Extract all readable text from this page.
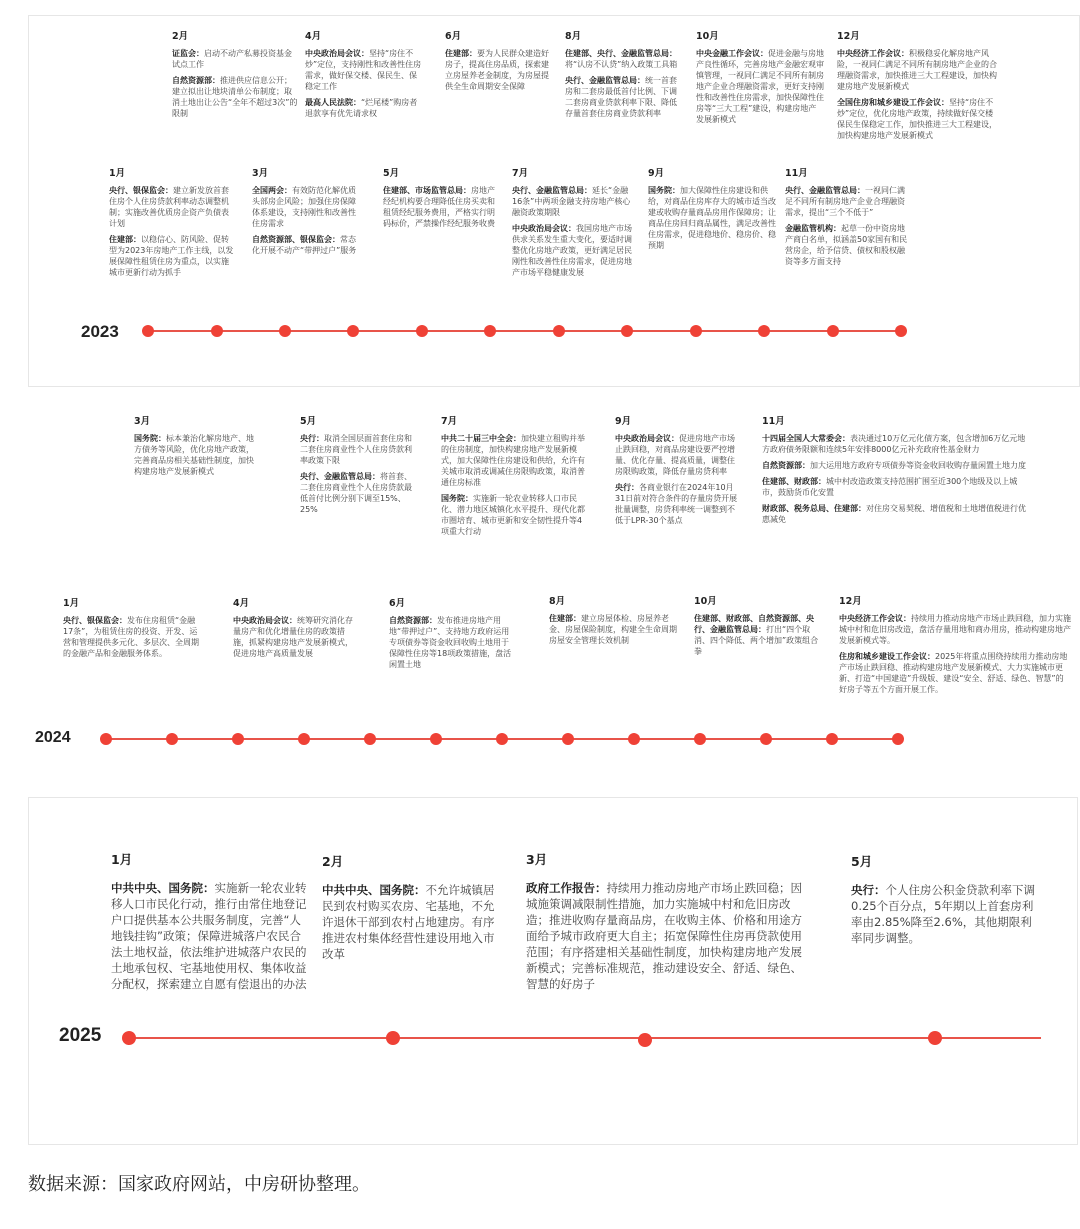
2月

证监会：启动不动产私募投资基金试点工作

自然资源部：推进供应信息公开；建立拟出让地块清单公布制度；取消土地出让公告“全年不超过3次”的限制

4月

中央政治局会议：坚持“房住不炒”定位，支持刚性和改善性住房需求，做好保交楼、保民生、保稳定工作

最高人民法院：“烂尾楼”购房者退款享有优先请求权

6月

住建部：要为人民群众建造好房子，提高住房品质，探索建立房屋养老金制度，为房屋提供全生命周期安全保障

8月

住建部、央行、金融监管总局：将“认房不认贷”纳入政策工具箱

央行、金融监管总局：统一首套房和二套房最低首付比例、下调二套房商业贷款利率下限、降低存量首套住房商业贷款利率

10月

中央金融工作会议：促进金融与房地产良性循环，完善房地产金融宏观审慎管理，一视同仁满足不同所有制房地产企业合理融资需求，更好支持刚性和改善性住房需求，加快保障性住房等“三大工程”建设，构建房地产发展新模式

12月

中央经济工作会议：积极稳妥化解房地产风险，一视同仁满足不同所有制房地产企业的合理融资需求，加快推进三大工程建设，加快构建房地产发展新模式

全国住房和城乡建设工作会议：坚持“房住不炒”定位，优化房地产政策，持续做好保交楼保民生保稳定工作，加快推进三大工程建设，加快构建房地产发展新模式

1月

央行、银保监会：建立新发放首套住房个人住房贷款利率动态调整机制；实施改善优质房企资产负债表计划

住建部：以稳信心、防风险、促转型为2023年房地产工作主线，以发展保障性租赁住房为重点，以实施城市更新行动为抓手

3月

全国两会：有效防范化解优质头部房企风险；加强住房保障体系建设，支持刚性和改善性住房需求

自然资源部、银保监会：常态化开展不动产“带押过户”服务

5月

住建部、市场监管总局：房地产经纪机构要合理降低住房买卖和租赁经纪服务费用，严格实行明码标价，严禁操作经纪服务收费

7月

央行、金融监管总局：延长“金融16条”中两项金融支持房地产核心融资政策期限

中央政治局会议：我国房地产市场供求关系发生重大变化，要适时调整优化房地产政策，更好满足居民刚性和改善性住房需求，促进房地产市场平稳健康发展

9月

国务院：加大保障性住房建设和供给，对商品住房库存大的城市适当改建或收购存量商品房用作保障房；让商品住房回归商品属性，满足改善性住房需求，促进稳地价、稳房价、稳预期

11月

央行、金融监管总局：一视同仁满足不同所有制房地产企业合理融资需求，提出“三个不低于”

金融监管机构：起草一份中资房地产商白名单，拟涵盖50家国有和民营房企，给予信贷、债权和股权融资等多方面支持

2023
3月

国务院：标本兼治化解房地产、地方债务等风险，优化房地产政策，完善商品房相关基础性制度，加快构建房地产发展新模式

5月

央行：取消全国层面首套住房和二套住房商业性个人住房贷款利率政策下限

央行、金融监管总局：将首套、二套住房商业性个人住房贷款最低首付比例分别下调至15%、25%

7月

中共二十届三中全会：加快建立租购并举的住房制度，加快构建房地产发展新模式，加大保障性住房建设和供给，允许有关城市取消或调减住房限购政策，取消普通住房标准

国务院：实施新一轮农业转移人口市民化、潜力地区城镇化水平提升、现代化都市圈培育、城市更新和安全韧性提升等4项重大行动

9月

中央政治局会议：促进房地产市场止跌回稳，对商品房建设要严控增量、优化存量、提高质量，调整住房限购政策，降低存量房贷利率

央行：各商业银行在2024年10月31日前对符合条件的存量房贷开展批量调整，房贷利率统一调整到不低于LPR-30个基点

11月

十四届全国人大常委会：表决通过10万亿元化债方案，包含增加6万亿元地方政府债务限额和连续5年安排8000亿元补充政府性基金财力

自然资源部：加大运用地方政府专项债券等资金收回收购存量闲置土地力度

住建部、财政部：城中村改造政策支持范围扩围至近300个地级及以上城市，鼓励货币化安置

财政部、税务总局、住建部：对住房交易契税、增值税和土地增值税进行优惠减免

1月

央行、银保监会：发布住房租赁“金融17条”，为租赁住房的投资、开发、运营和管理提供多元化、多层次、全周期的金融产品和金融服务体系。

4月

中央政治局会议：统筹研究消化存量房产和优化增量住房的政策措施，抓紧构建房地产发展新模式，促进房地产高质量发展

6月

自然资源部：发布推进房地产用地“带押过户”、支持地方政府运用专项债券等资金收回收购土地用于保障性住房等18项政策措施，盘活闲置土地

8月

住建部：建立房屋体检、房屋养老金、房屋保险制度，构建全生命周期房屋安全管理长效机制

10月

住建部、财政部、自然资源部、央行、金融监管总局：打出“四个取消、四个降低、两个增加”政策组合拳

12月

中央经济工作会议：持续用力推动房地产市场止跌回稳，加力实施城中村和危旧房改造，盘活存量用地和商办用房，推动构建房地产发展新模式等。

住房和城乡建设工作会议：2025年将重点围绕持续用力推动房地产市场止跌回稳、推动构建房地产发展新模式、大力实施城市更新、打造“中国建造”升级版、建设“安全、舒适、绿色、智慧”的好房子等五个方面开展工作。

2024
1月

中共中央、国务院：实施新一轮农业转移人口市民化行动，推行由常住地登记户口提供基本公共服务制度，完善“人地钱挂钩”政策；保障进城落户农民合法土地权益，依法维护进城落户农民的土地承包权、宅基地使用权、集体收益分配权，探索建立自愿有偿退出的办法

2月

中共中央、国务院：不允许城镇居民到农村购买农房、宅基地，不允许退休干部到农村占地建房。有序推进农村集体经营性建设用地入市改革

3月

政府工作报告：持续用力推动房地产市场止跌回稳；因城施策调减限制性措施，加力实施城中村和危旧房改造；推进收购存量商品房，在收购主体、价格和用途方面给予城市政府更大自主；拓宽保障性住房再贷款使用范围；有序搭建相关基础性制度，加快构建房地产发展新模式；完善标准规范，推动建设安全、舒适、绿色、智慧的好房子

5月

央行：个人住房公积金贷款利率下调0.25个百分点，5年期以上首套房利率由2.85%降至2.6%，其他期限利率同步调整。

2025
数据来源：国家政府网站，中房研协整理。
